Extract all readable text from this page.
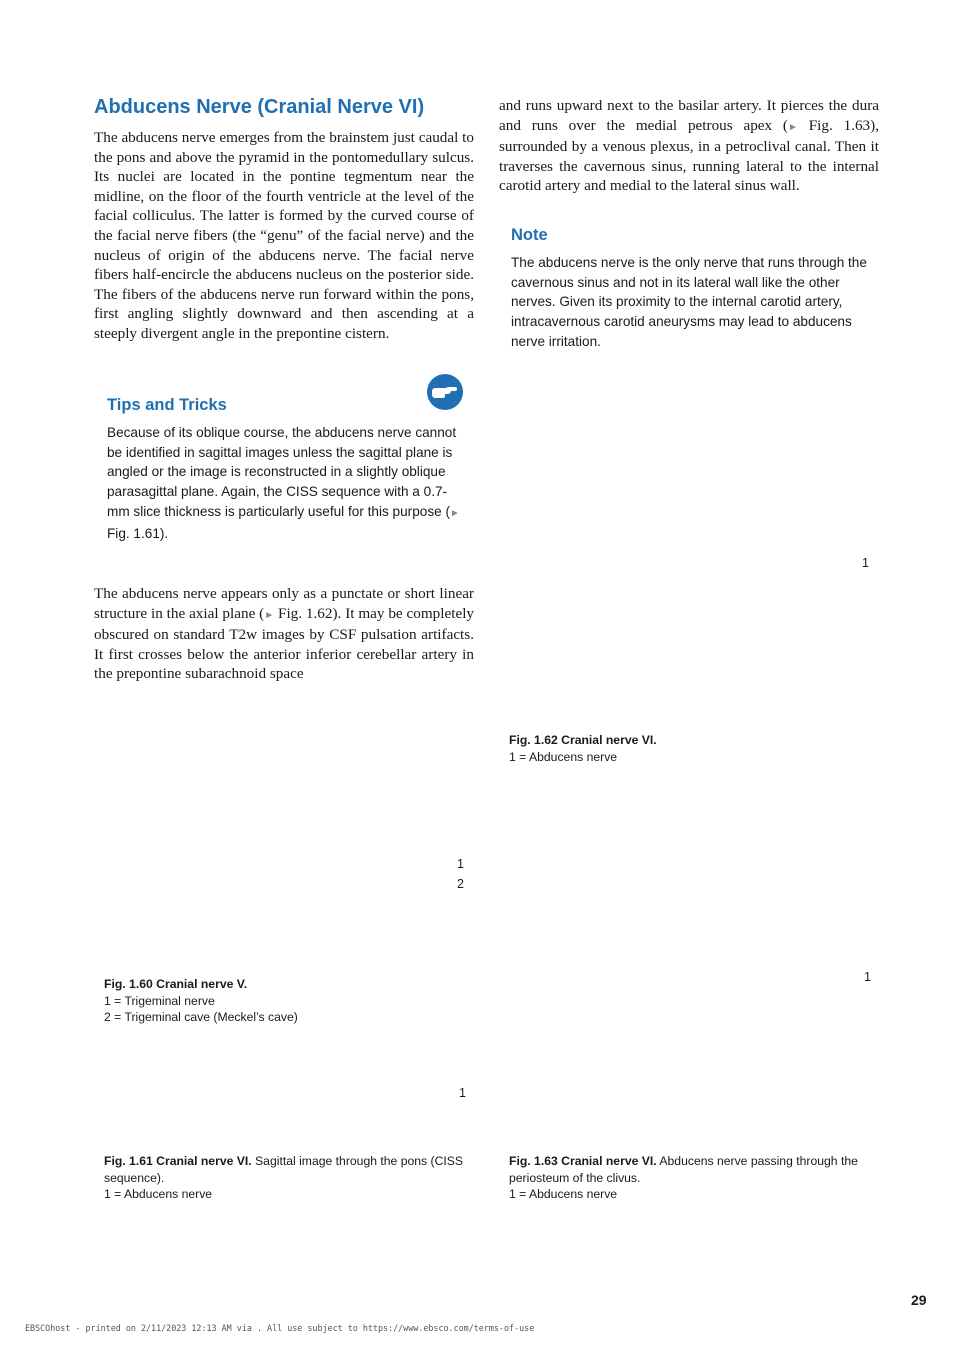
Abducens Nerve (Cranial Nerve VI)

The abducens nerve emerges from the brainstem just caudal to the pons and above the pyramid in the pontomedullary sulcus. Its nuclei are located in the pontine tegmentum near the midline, on the floor of the fourth ventricle at the level of the facial colliculus. The latter is formed by the curved course of the facial nerve fibers (the “genu” of the facial nerve) and the nucleus of origin of the abducens nerve. The facial nerve fibers half-encircle the abducens nucleus on the posterior side. The fibers of the abducens nerve run forward within the pons, first angling slightly downward and then ascending at a steeply divergent angle in the prepontine cistern.

Tips and Tricks

Because of its oblique course, the abducens nerve cannot be identified in sagittal images unless the sagittal plane is angled or the image is reconstructed in a slightly oblique parasagittal plane. Again, the CISS sequence with a 0.7-mm slice thickness is particularly useful for this purpose (► Fig. 1.61).

The abducens nerve appears only as a punctate or short linear structure in the axial plane (► Fig. 1.62). It may be completely obscured on standard T2w images by CSF pulsation artifacts. It first crosses below the anterior inferior cerebellar artery in the prepontine subarachnoid space

and runs upward next to the basilar artery. It pierces the dura and runs over the medial petrous apex (► Fig. 1.63), surrounded by a venous plexus, in a petroclival canal. Then it traverses the cavernous sinus, running lateral to the internal carotid artery and medial to the lateral sinus wall.

Note

The abducens nerve is the only nerve that runs through the cavernous sinus and not in its lateral wall like the other nerves. Given its proximity to the internal carotid artery, intracavernous carotid aneurysms may lead to abducens nerve irritation.

1
Fig. 1.62 Cranial nerve VI.
1 = Abducens nerve
1
2
Fig. 1.60 Cranial nerve V.
1 = Trigeminal nerve
2 = Trigeminal cave (Meckel’s cave)
1
Fig. 1.63 Cranial nerve VI. Abducens nerve passing through the periosteum of the clivus.
1 = Abducens nerve
1
Fig. 1.61 Cranial nerve VI. Sagittal image through the pons (CISS sequence).
1 = Abducens nerve
29
EBSCOhost - printed on 2/11/2023 12:13 AM via . All use subject to https://www.ebsco.com/terms-of-use
